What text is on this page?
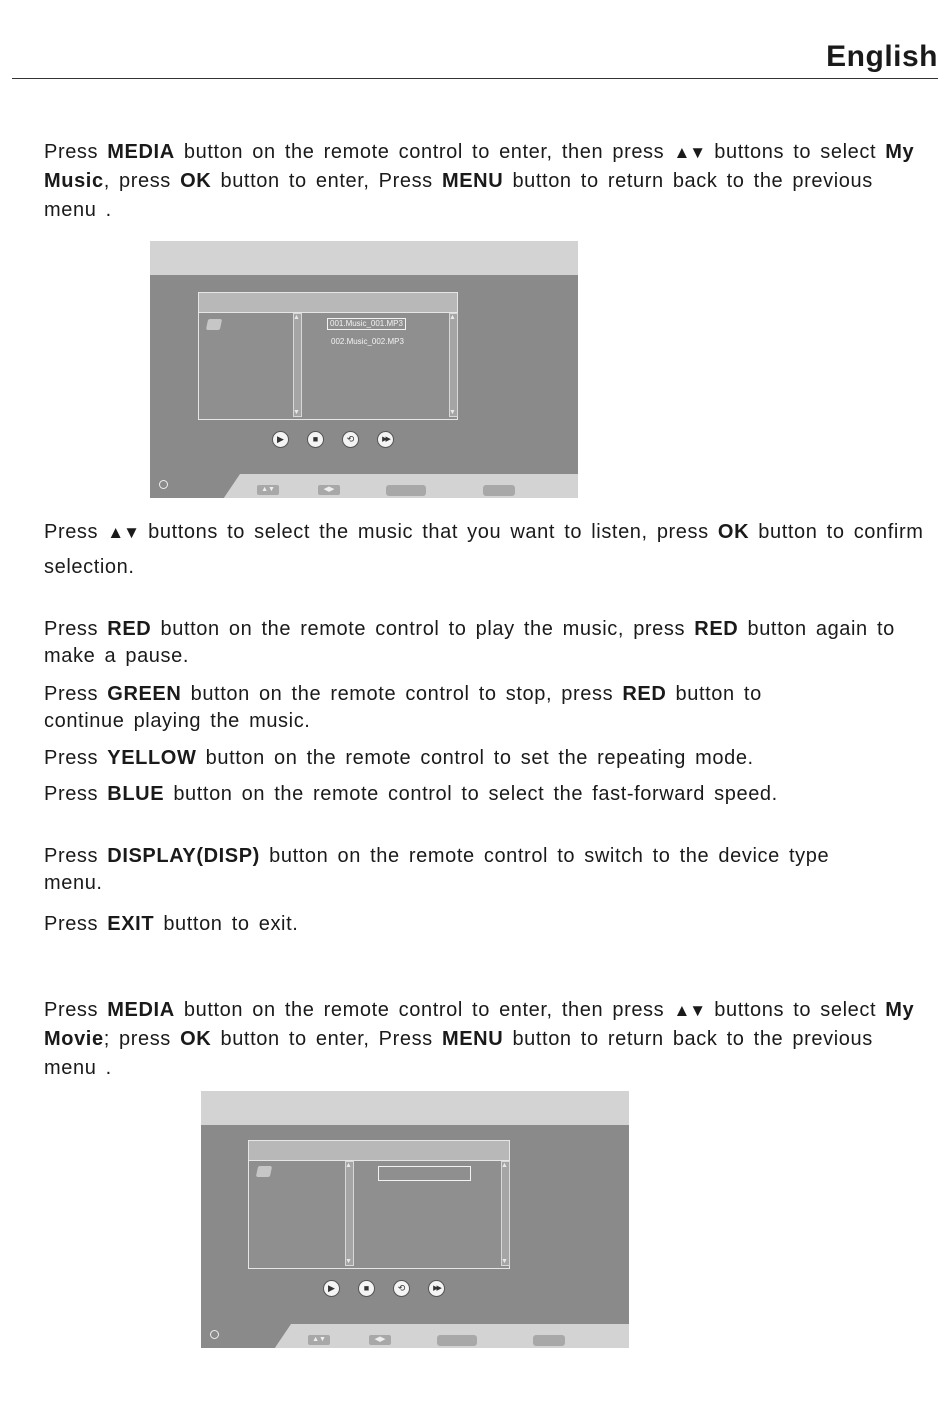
English
Press MEDIA button on the remote control to enter, then press ▲▼ buttons to select My Music, press OK button to enter, Press MENU button to return back to the previous menu .
▲
▼
001.Music_001.MP3
002.Music_002.MP3
▲
▼
▶	■	⟲	▶▶
▲▼	◀▶
Press ▲▼ buttons to select the music that you want to listen, press OK button to confirm selection.
Press RED button on the remote control to play the music, press RED button again to make a pause.
Press GREEN button on the remote control to stop, press RED button to continue playing the music.
Press YELLOW button on the remote control to set the repeating mode.
Press BLUE button on the remote control to select the fast-forward speed.
Press DISPLAY(DISP) button on the remote control to switch to the device type menu.
Press EXIT button to exit.
Press MEDIA button on the remote control to enter, then press ▲▼ buttons to select My Movie; press OK button to enter, Press MENU button to return back to the previous menu .
▲
▼
▲
▼
▶	■	⟲	▶▶
▲▼	◀▶
